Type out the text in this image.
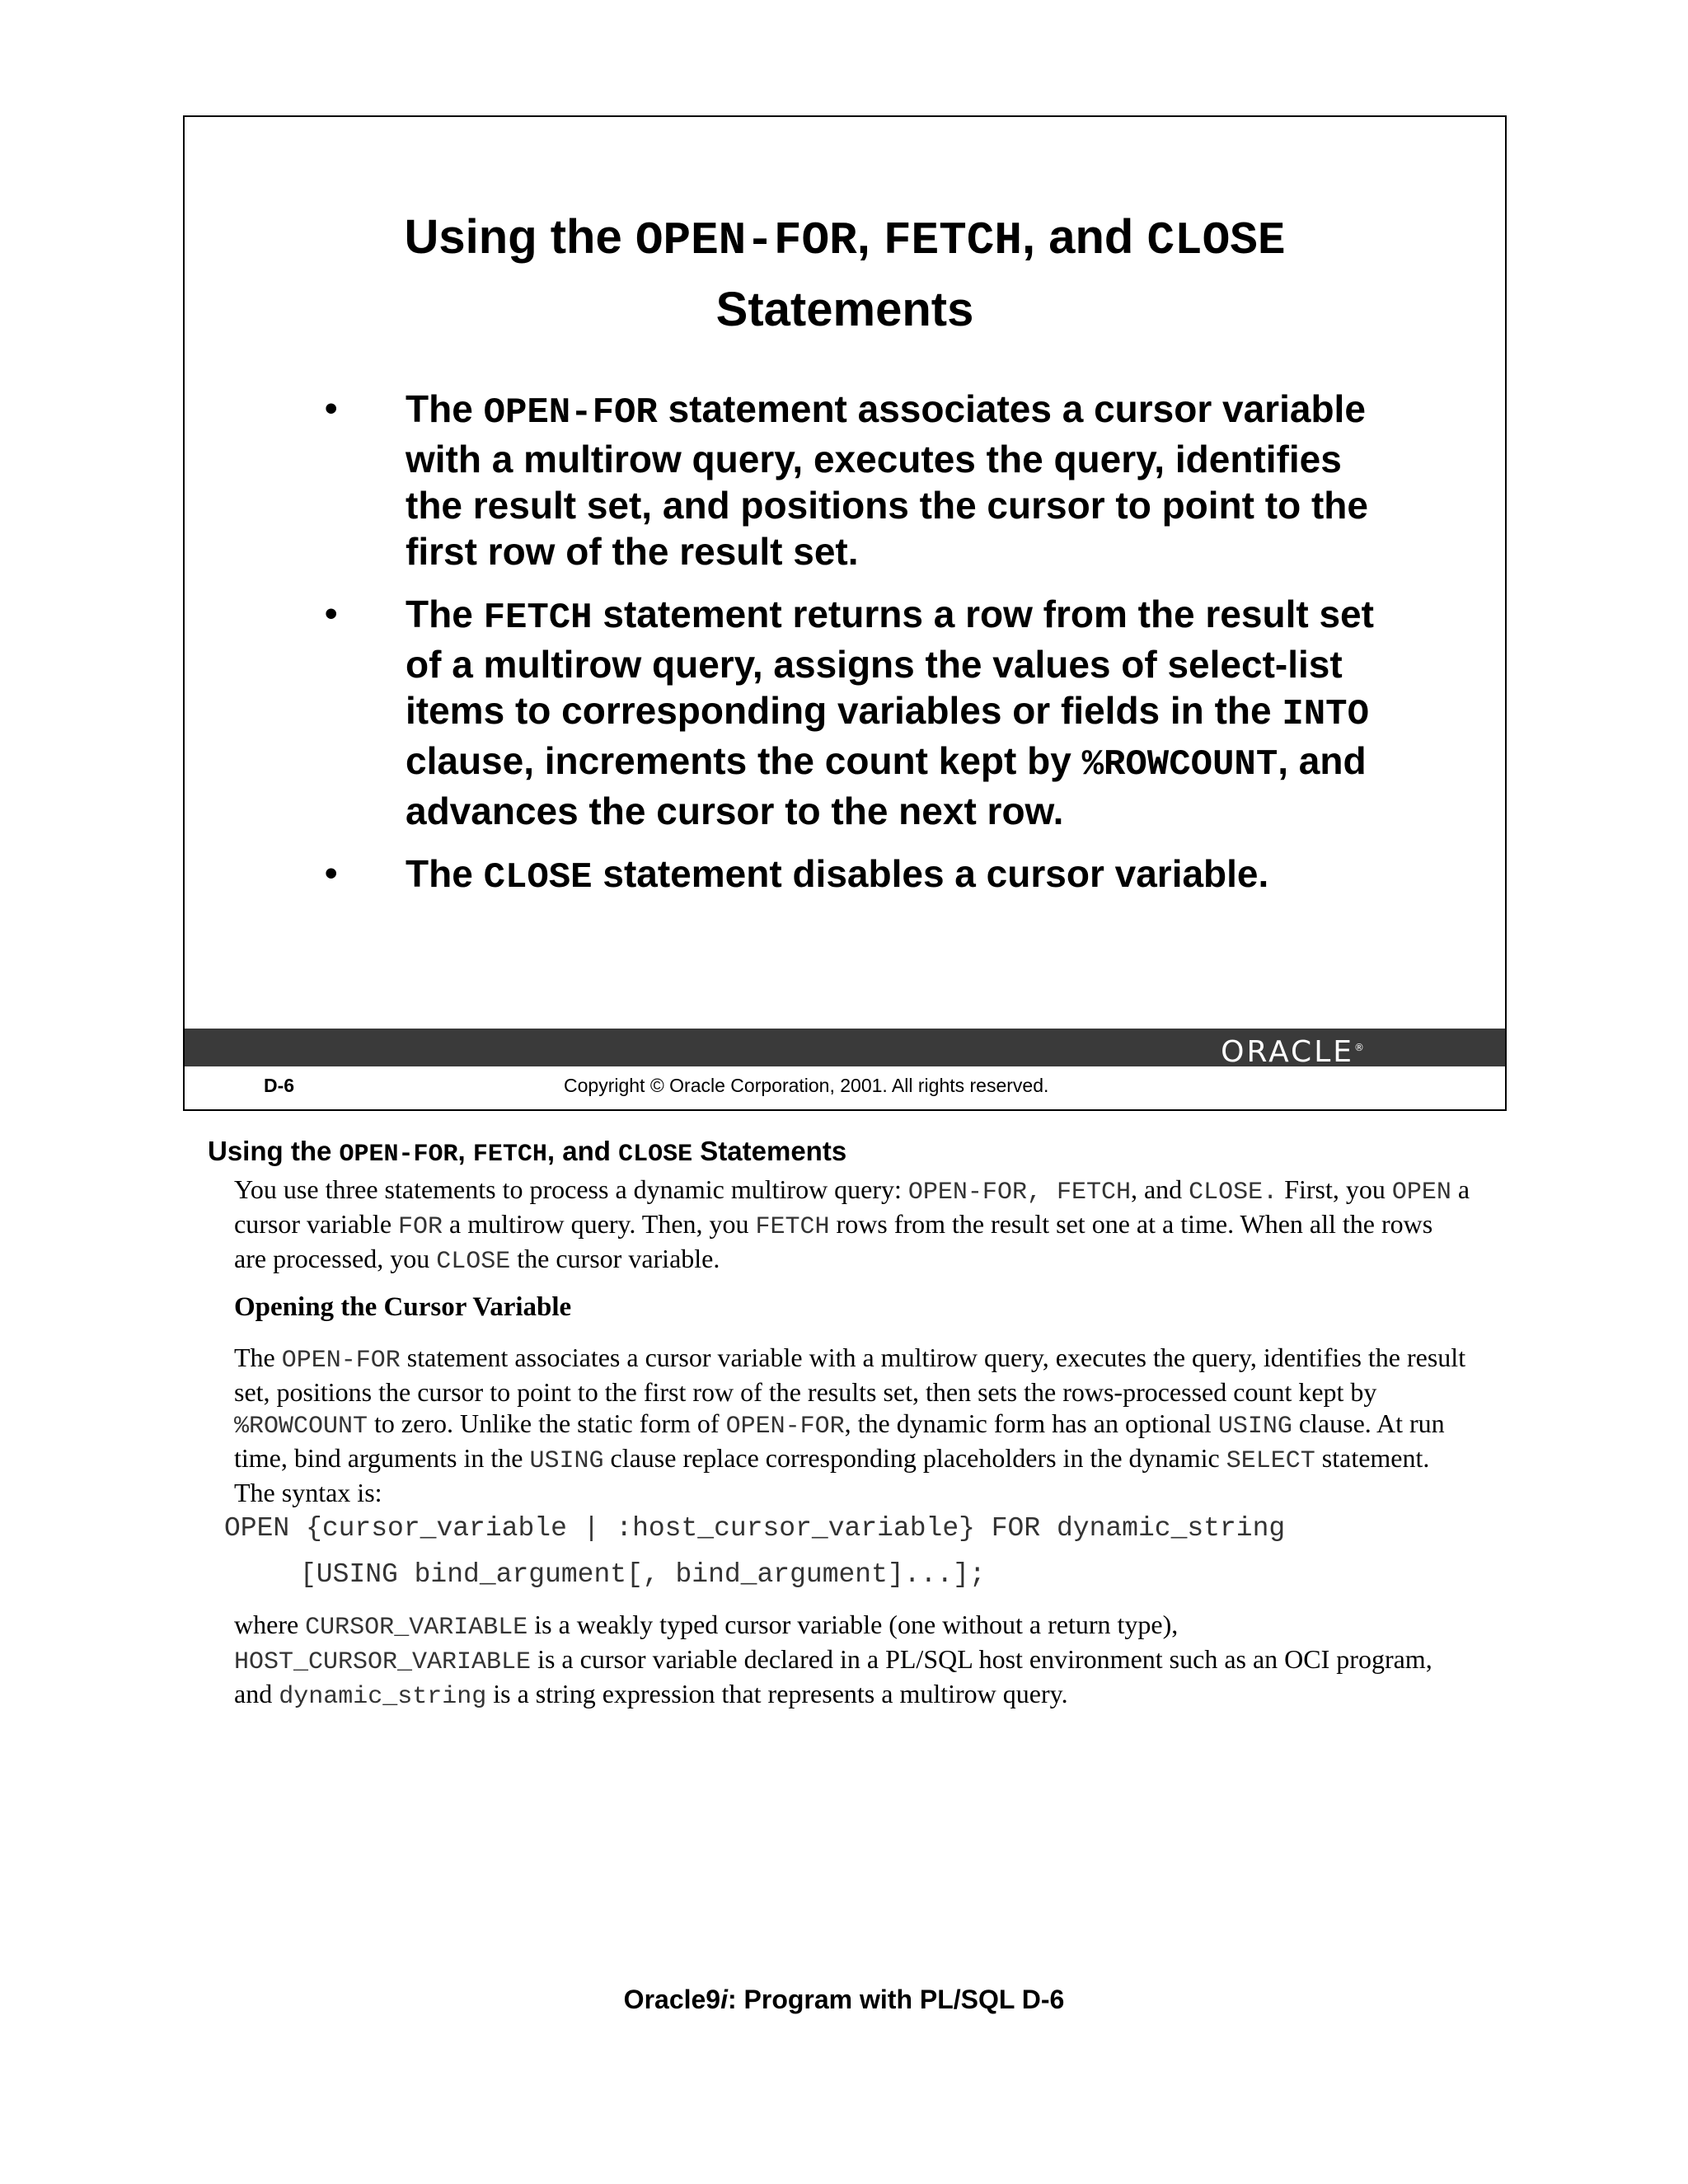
Using the OPEN-FOR, FETCH, and CLOSE
Statements
• The OPEN-FOR statement associates a cursor variable with a multirow query, executes the query, identifies the result set, and positions the cursor to point to the first row of the result set.
• The FETCH statement returns a row from the result set of a multirow query, assigns the values of select-list items to corresponding variables or fields in the INTO clause, increments the count kept by %ROWCOUNT, and advances the cursor to the next row.
• The CLOSE statement disables a cursor variable.
ORACLE®
D-6	Copyright © Oracle Corporation, 2001. All rights reserved.
Using the OPEN-FOR, FETCH, and CLOSE Statements
You use three statements to process a dynamic multirow query: OPEN-FOR, FETCH, and CLOSE. First, you OPEN a cursor variable FOR a multirow query. Then, you FETCH rows from the result set one at a time. When all the rows are processed, you CLOSE the cursor variable.
Opening the Cursor Variable
The OPEN-FOR statement associates a cursor variable with a multirow query, executes the query, identifies the result set, positions the cursor to point to the first row of the results set, then sets the rows-processed count kept by %ROWCOUNT to zero. Unlike the static form of OPEN-FOR, the dynamic form has an optional USING clause. At run time, bind arguments in the USING clause replace corresponding placeholders in the dynamic SELECT statement. The syntax is:
OPEN {cursor_variable | :host_cursor_variable} FOR dynamic_string
[USING bind_argument[, bind_argument]...];
where CURSOR_VARIABLE is a weakly typed cursor variable (one without a return type), HOST_CURSOR_VARIABLE is a cursor variable declared in a PL/SQL host environment such as an OCI program, and dynamic_string is a string expression that represents a multirow query.
Oracle9i: Program with PL/SQL D-6
